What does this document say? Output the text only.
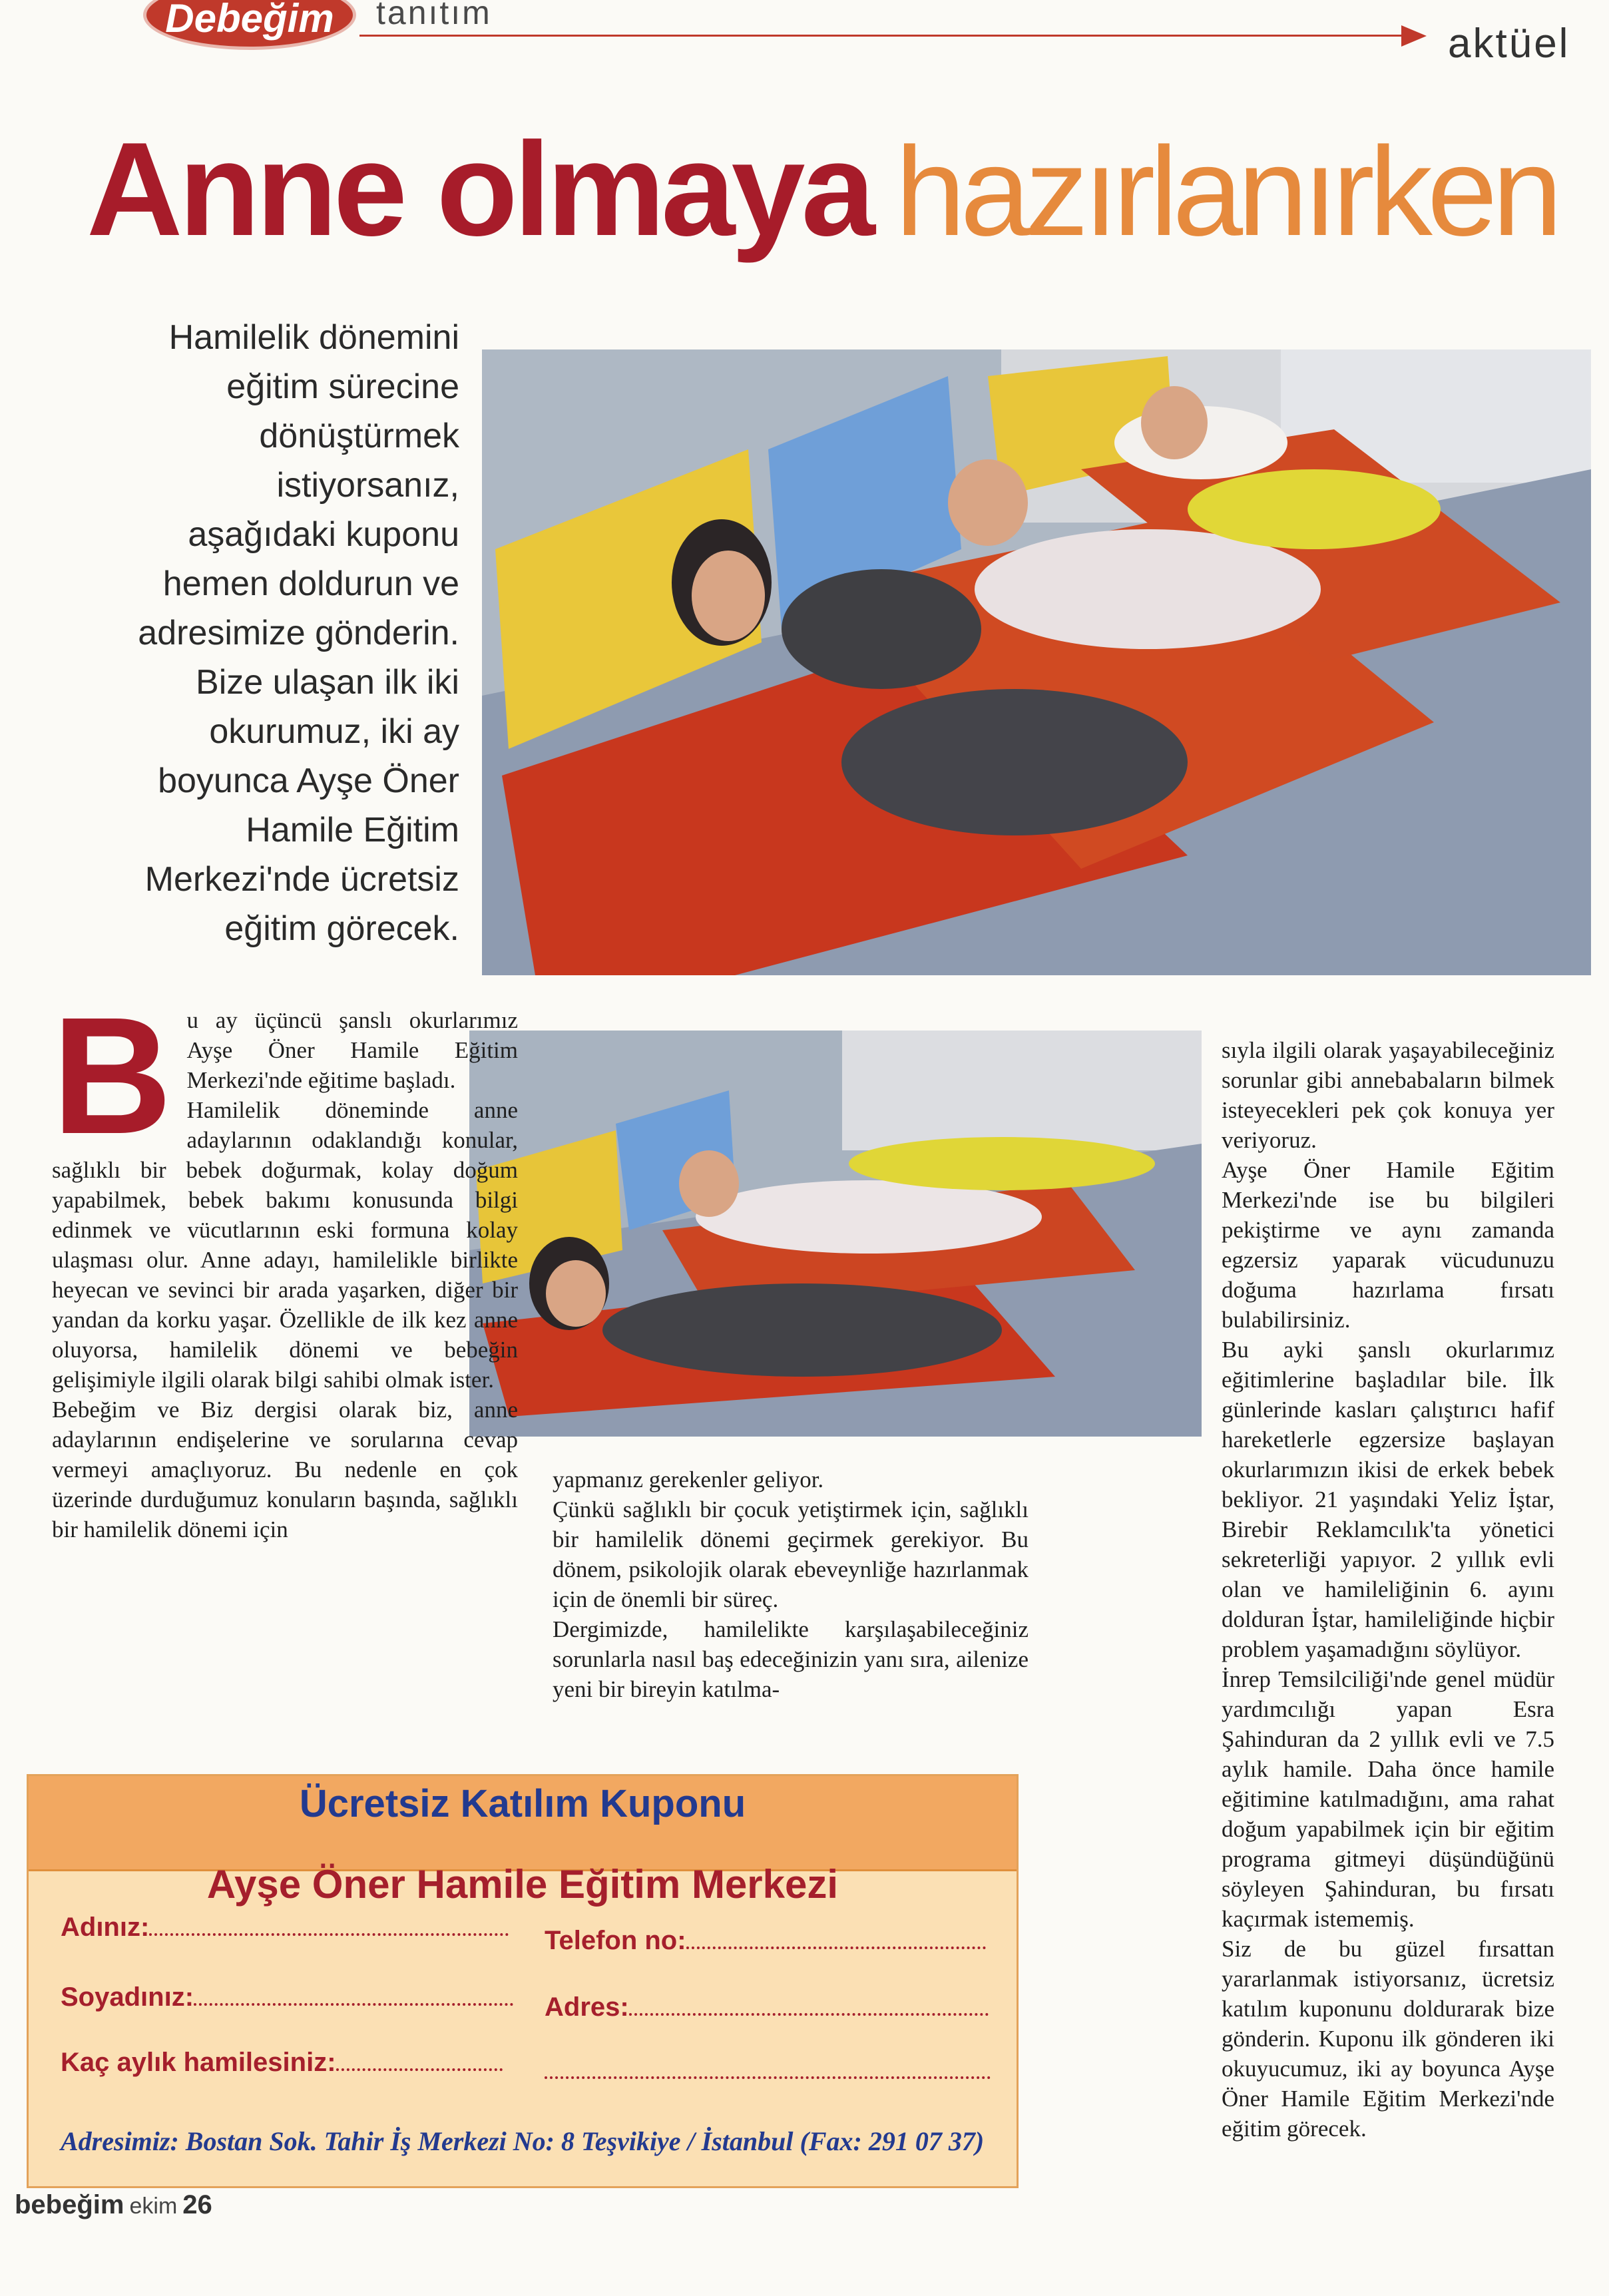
Debeğim	tanıtım
aktüel
Anne olmaya hazırlanırken
Hamilelik dönemini
eğitim sürecine
dönüştürmek
istiyorsanız,
aşağıdaki kuponu
hemen doldurun ve
adresimize gönderin.
Bize ulaşan ilk iki
okurumuz, iki ay
boyunca Ayşe Öner
Hamile Eğitim
Merkezi'nde ücretsiz
eğitim görecek.
B u ay üçüncü şanslı okurlarımız Ayşe Öner Hamile Eğitim Merkezi'nde eğitime başladı.

Hamilelik döneminde anne adaylarının odaklandığı konular, sağlıklı bir bebek doğurmak, kolay doğum yapabilmek, bebek bakımı konusunda bilgi edinmek ve vücutlarının eski formuna kolay ulaşması olur. Anne adayı, hamilelikle birlikte heyecan ve sevinci bir arada yaşarken, diğer bir yandan da korku yaşar. Özellikle de ilk kez anne oluyorsa, hamilelik dönemi ve bebeğin gelişimiyle ilgili olarak bilgi sahibi olmak ister.

Bebeğim ve Biz dergisi olarak biz, anne adaylarının endişelerine ve sorularına cevap vermeyi amaçlıyoruz. Bu nedenle en çok üzerinde durduğumuz konuların başında, sağlıklı bir hamilelik dönemi için

yapmanız gerekenler geliyor.

Çünkü sağlıklı bir çocuk yetiştirmek için, sağlıklı bir hamilelik dönemi geçirmek gerekiyor. Bu dönem, psikolojik olarak ebeveynliğe hazırlanmak için de önemli bir süreç.

Dergimizde, hamilelikte karşılaşabileceğiniz sorunlarla nasıl baş edeceğinizin yanı sıra, ailenize yeni bir bireyin katılma-

sıyla ilgili olarak yaşayabileceğiniz sorunlar gibi annebabaların bilmek isteyecekleri pek çok konuya yer veriyoruz.

Ayşe Öner Hamile Eğitim Merkezi'nde ise bu bilgileri pekiştirme ve aynı zamanda egzersiz yaparak vücudunuzu doğuma hazırlama fırsatı bulabilirsiniz.

Bu ayki şanslı okurlarımız eğitimlerine başladılar bile. İlk günlerinde kasları çalıştırıcı hafif hareketlerle egzersize başlayan okurlarımızın ikisi de erkek bebek bekliyor. 21 yaşındaki Yeliz İştar, Birebir Reklamcılık'ta yönetici sekreterliği yapıyor. 2 yıllık evli olan ve hamileliğinin 6. ayını dolduran İştar, hamileliğinde hiçbir problem yaşamadığını söylüyor.

İnrep Temsilciliği'nde genel müdür yardımcılığı yapan Esra Şahinduran da 2 yıllık evli ve 7.5 aylık hamile. Daha önce hamile eğitimine katılmadığını, ama rahat doğum yapabilmek için bir eğitim programa gitmeyi düşündüğünü söyleyen Şahinduran, bu fırsatı kaçırmak istememiş.

Siz de bu güzel fırsattan yararlanmak istiyorsanız, ücretsiz katılım kuponunu doldurarak bize gönderin. Kuponu ilk gönderen iki okuyucumuz, iki ay boyunca Ayşe Öner Hamile Eğitim Merkezi'nde eğitim görecek.

Ücretsiz Katılım Kuponu
Ayşe Öner Hamile Eğitim Merkezi
Adınız:	Telefon no:
Soyadınız:	Adres:
Kaç aylık hamilesiniz:
Adresimiz: Bostan Sok. Tahir İş Merkezi No: 8 Teşvikiye / İstanbul (Fax: 291 07 37)
bebeğim ekim 26
